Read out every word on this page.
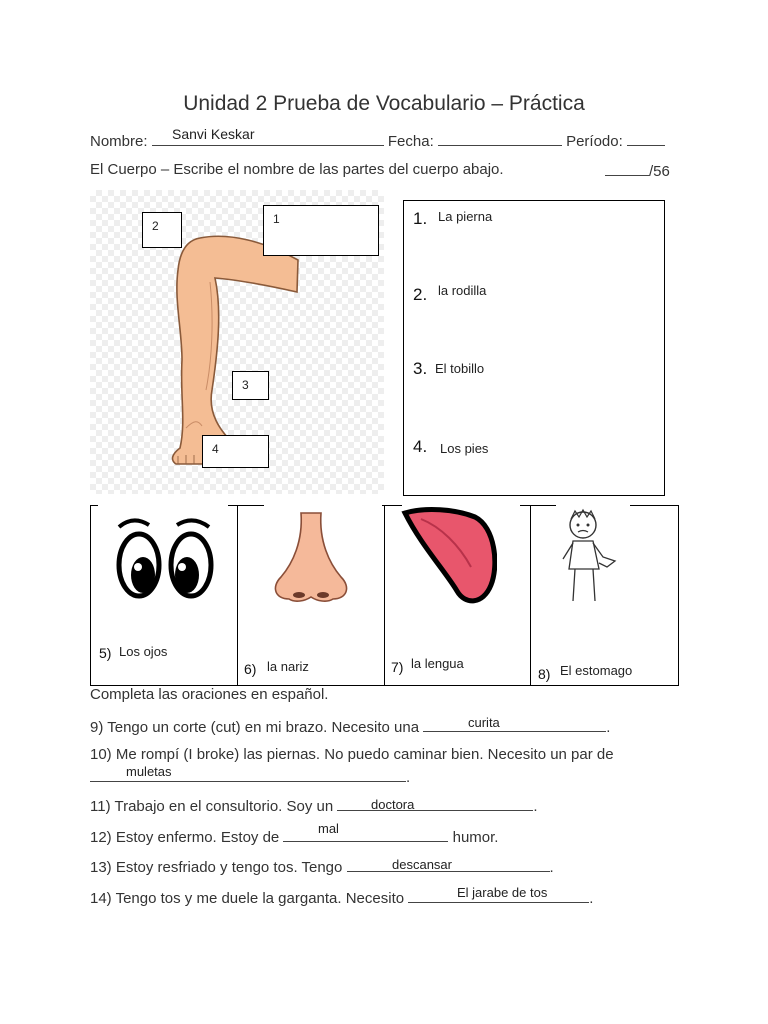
Unidad 2 Prueba de Vocabulario – Práctica
Nombre:	Fecha:	Período:
Sanvi Keskar
El Cuerpo – Escribe el nombre de las partes del cuerpo abajo.	/56
2	1
3
4
1. La pierna
2. la rodilla
3. El tobillo
4. Los pies
5) Los ojos
6) la nariz	7) la lengua
8) El estomago
Completa las oraciones en español.
9) Tengo un corte (cut) en mi brazo. Necesito una	.
curita
10) Me rompí (I broke) las piernas. No puedo caminar bien. Necesito un par de
.
muletas
11) Trabajo en el consultorio. Soy un	.
doctora
12) Estoy enfermo. Estoy de	humor.
mal
13) Estoy resfriado y tengo tos. Tengo	.
descansar
14) Tengo tos y me duele la garganta. Necesito	.
El jarabe de tos
